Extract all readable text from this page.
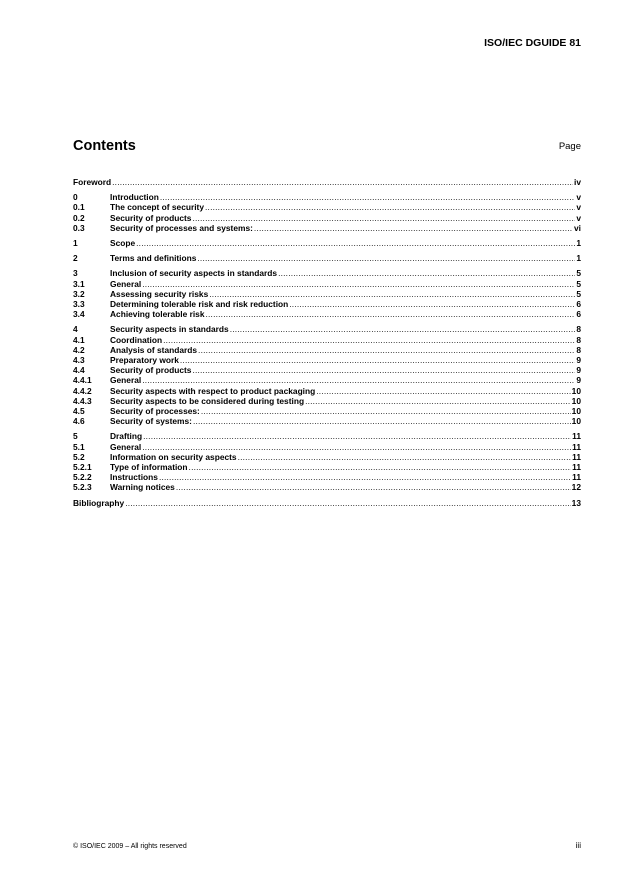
ISO/IEC DGUIDE 81
Contents	Page
Foreword .....	iv
0	Introduction .....	v
0.1	The concept of security .....	v
0.2	Security of products .....	v
0.3	Security of processes and systems: .....	vi
1	Scope .....	1
2	Terms and definitions .....	1
3	Inclusion of security aspects in standards .....	5
3.1	General .....	5
3.2	Assessing security risks .....	5
3.3	Determining tolerable risk and risk reduction .....	6
3.4	Achieving tolerable risk .....	6
4	Security aspects in standards .....	8
4.1	Coordination .....	8
4.2	Analysis of standards .....	8
4.3	Preparatory work .....	9
4.4	Security of products .....	9
4.4.1	General .....	9
4.4.2	Security aspects with respect to product packaging .....	10
4.4.3	Security aspects to be considered during testing .....	10
4.5	Security of processes: .....	10
4.6	Security of systems: .....	10
5	Drafting .....	11
5.1	General .....	11
5.2	Information on security aspects .....	11
5.2.1	Type of information .....	11
5.2.2	Instructions .....	11
5.2.3	Warning notices .....	12
Bibliography .....	13
© ISO/IEC 2009 – All rights reserved	iii
